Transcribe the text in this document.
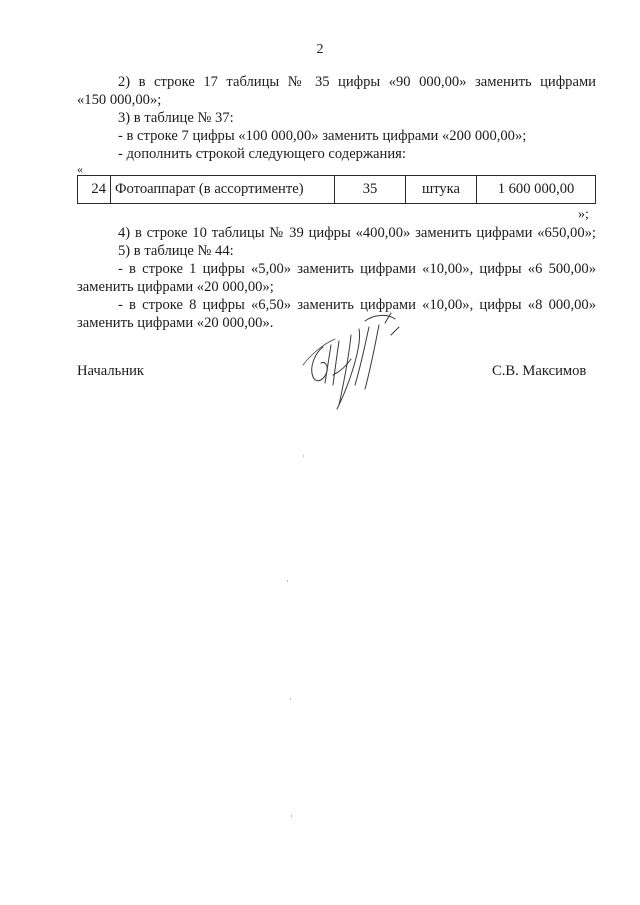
2
2) в строке 17 таблицы № 35 цифры «90 000,00» заменить цифрами
«150 000,00»;
3) в таблице № 37:
- в строке 7 цифры «100 000,00» заменить цифрами «200 000,00»;
- дополнить строкой следующего содержания:
«
24	Фотоаппарат (в ассортименте)	35	штука	1 600 000,00
»;
4) в строке 10 таблицы № 39 цифры «400,00» заменить цифрами «650,00»;
5) в таблице № 44:
- в строке 1 цифры «5,00» заменить цифрами «10,00», цифры «6 500,00»
заменить цифрами «20 000,00»;
- в строке 8 цифры «6,50» заменить цифрами «10,00», цифры «8 000,00»
заменить цифрами «20 000,00».
Начальник	С.В. Максимов
